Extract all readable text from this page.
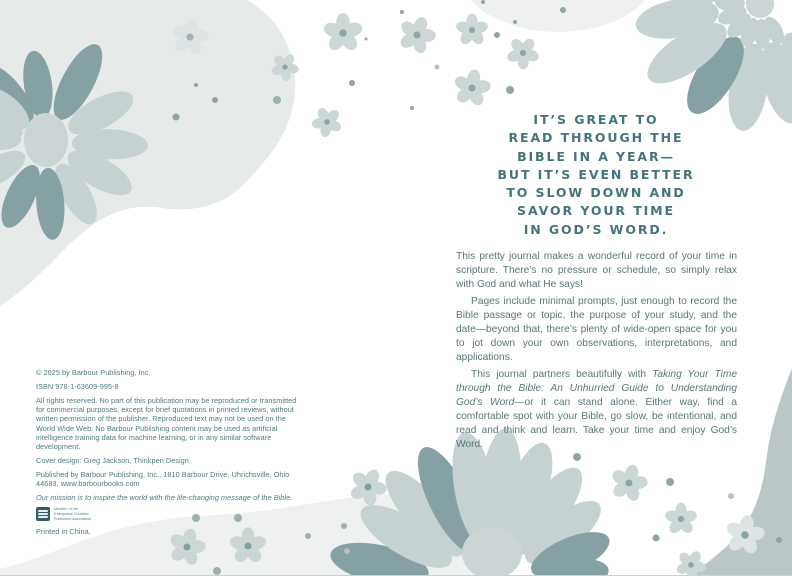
© 2025 by Barbour Publishing, Inc.

ISBN 978-1-63609-995-8

All rights reserved. No part of this publication may be reproduced or transmitted for commercial purposes, except for brief quotations in printed reviews, without written permission of the publisher. Reproduced text may not be used on the World Wide Web. No Barbour Publishing content may be used as artificial intelligence training data for machine learning, or in any similar software development.

Cover design: Greg Jackson, Thinkpen Design

Published by Barbour Publishing, Inc., 1810 Barbour Drive, Uhrichsville, Ohio 44683, www.barbourbooks.com

Our mission is to inspire the world with the life-changing message of the Bible.

Member of the
Evangelical Christian
Publishers Association

Printed in China.

IT’S GREAT TO
READ THROUGH THE
BIBLE IN A YEAR—
BUT IT’S EVEN BETTER
TO SLOW DOWN AND
SAVOR YOUR TIME
IN GOD’S WORD.

This pretty journal makes a wonderful record of your time in scripture. There’s no pressure or schedule, so simply relax with God and what He says!

Pages include minimal prompts, just enough to record the Bible passage or topic, the purpose of your study, and the date—beyond that, there’s plenty of wide-open space for you to jot down your own observations, interpretations, and applications.

This journal partners beautifully with Taking Your Time through the Bible: An Unhurried Guide to Understanding God’s Word—or it can stand alone. Either way, find a comfortable spot with your Bible, go slow, be intentional, and read and think and learn. Take your time and enjoy God’s Word.
